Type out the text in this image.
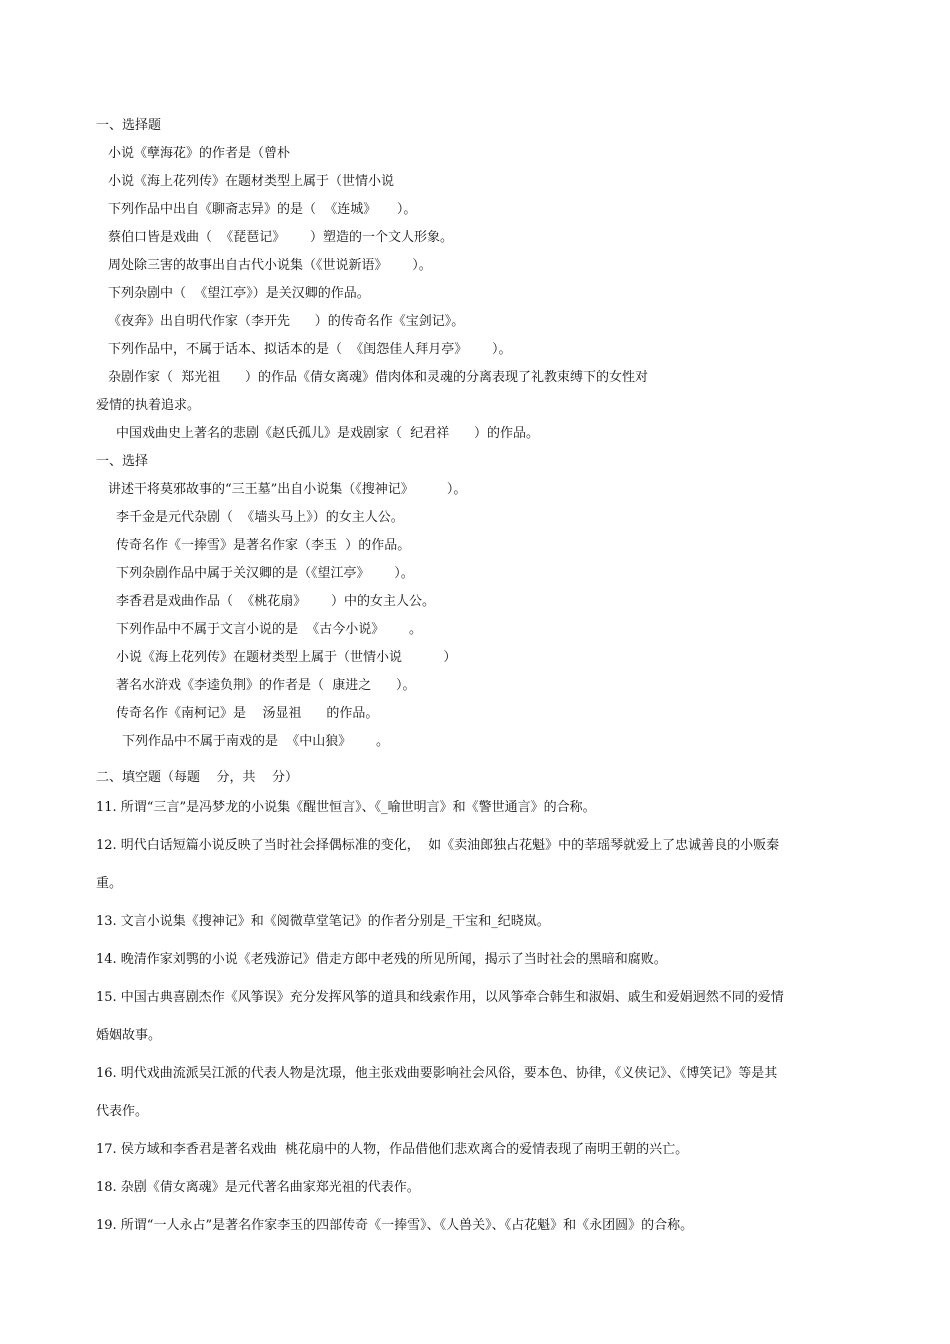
一、选择题
小说《孽海花》的作者是（曾朴
小说《海上花列传》在题材类型上属于（世情小说
下列作品中出自《聊斋志异》的是（  《连城》     ）。
蔡伯口皆是戏曲（  《琵琶记》      ）塑造的一个文人形象。
周处除三害的故事出自古代小说集（《世说新语》      ）。
下列杂剧中（  《望江亭》）是关汉卿的作品。
《夜奔》出自明代作家（李开先      ）的传奇名作《宝剑记》。
下列作品中，不属于话本、拟话本的是（  《闺怨佳人拜月亭》      ）。
杂剧作家（  郑光祖      ）的作品《倩女离魂》借肉体和灵魂的分离表现了礼教束缚下的女性对
爱情的执着追求。
中国戏曲史上著名的悲剧《赵氏孤儿》是戏剧家（  纪君祥      ）的作品。
一、选择
讲述干将莫邪故事的“三王墓”出自小说集（《搜神记》        ）。
李千金是元代杂剧（  《墙头马上》）的女主人公。
传奇名作《一捧雪》是著名作家（李玉  ）的作品。
下列杂剧作品中属于关汉卿的是（《望江亭》      ）。
李香君是戏曲作品（  《桃花扇》      ）中的女主人公。
下列作品中不属于文言小说的是  《古今小说》      。
小说《海上花列传》在题材类型上属于（世情小说          ）
著名水浒戏《李逵负荆》的作者是（  康进之      ）。
传奇名作《南柯记》是    汤显祖      的作品。
下列作品中不属于南戏的是  《中山狼》      。
二、填空题（每题    分，共    分）
11. 所谓“三言”是冯梦龙的小说集《醒世恒言》、《_喻世明言》和《警世通言》的合称。
12. 明代白话短篇小说反映了当时社会择偶标准的变化，  如《卖油郎独占花魁》中的莘瑶琴就爱上了忠诚善良的小贩秦
重。
13. 文言小说集《搜神记》和《阅微草堂笔记》的作者分别是_干宝和_纪晓岚。
14. 晚清作家刘鹗的小说《老残游记》借走方郎中老残的所见所闻，揭示了当时社会的黑暗和腐败。
15. 中国古典喜剧杰作《风筝误》充分发挥风筝的道具和线索作用，以风筝牵合韩生和淑娟、戚生和爱娟迥然不同的爱情
婚姻故事。
16. 明代戏曲流派吴江派的代表人物是沈璟，他主张戏曲要影响社会风俗，要本色、协律，《义侠记》、《博笑记》等是其
代表作。
17. 侯方域和李香君是著名戏曲  桃花扇中的人物，作品借他们悲欢离合的爱情表现了南明王朝的兴亡。
18. 杂剧《倩女离魂》是元代著名曲家郑光祖的代表作。
19. 所谓“一人永占”是著名作家李玉的四部传奇《一捧雪》、《人兽关》、《占花魁》和《永团圆》的合称。
